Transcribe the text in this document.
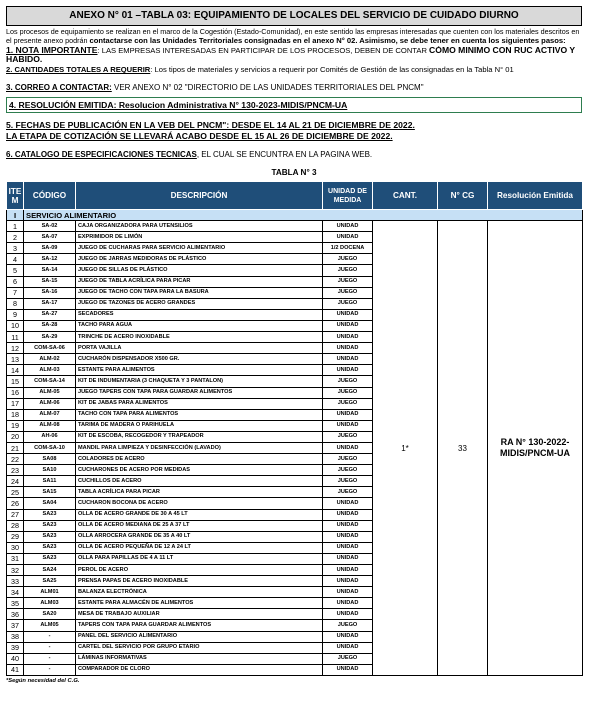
ANEXO N° 01 –TABLA 03: EQUIPAMIENTO DE LOCALES DEL SERVICIO DE CUIDADO DIURNO
Los procesos de equipamiento se realizan en el marco de la Cogestión (Estado-Comunidad), en este sentido las empresas interesadas que cuenten con los materiales descritos en el presente anexo podrán contactarse con las Unidades Territoriales consignadas en el anexo N° 02. Asimismo, se debe tener en cuenta los siguientes pasos:
1. NOTA IMPORTANTE: LAS EMPRESAS INTERESADAS EN PARTICIPAR DE LOS PROCESOS, DEBEN DE CONTAR CÓMO MINIMO CON RUC ACTIVO Y HABIDO.
2. CANTIDADES TOTALES A REQUERIR: Los tipos de materiales y servicios a requerir por Comités de Gestión de las consignadas en la Tabla N° 01
3. CORREO A CONTACTAR: VER ANEXO N° 02 "DIRECTORIO DE LAS UNIDADES TERRITORIALES DEL PNCM"
4. RESOLUCIÓN EMITIDA: Resolucion Administrativa N° 130-2023-MIDIS/PNCM-UA
5. FECHAS DE PUBLICACIÓN EN LA VEB DEL PNCM": DESDE EL 14 AL 21 DE DICIEMBRE DE 2022.
LA ETAPA DE COTIZACIÓN SE LLEVARÁ ACABO DESDE EL 15 AL 26 DE DICIEMBRE DE 2022.
6. CATALOGO DE ESPECIFICACIONES TECNICAS, EL CUAL SE ENCUNTRA EN LA PAGINA WEB.
TABLA N° 3
ITE M	CÓDIGO	DESCRIPCIÓN	UNIDAD DE MEDIDA	CANT.	N° CG	Resolución Emitida
I	SERVICIO ALIMENTARIO					
1	SA-02	CAJA ORGANIZADORA PARA UTENSILIOS	UNIDAD	1*	33	RA N° 130-2022-MIDIS/PNCM-UA
2	SA-07	EXPRIMIDOR DE LIMÓN	UNIDAD			
3	SA-09	JUEGO DE CUCHARAS PARA SERVICIO ALIMENTARIO	1/2 DOCENA			
4	SA-12	JUEGO DE JARRAS MEDIDORAS DE PLÁSTICO	JUEGO			
5	SA-14	JUEGO DE SILLAS DE PLÁSTICO	JUEGO			
6	SA-15	JUEGO DE TABLA ACRÍLICA PARA PICAR	JUEGO			
7	SA-16	JUEGO DE TACHO CON TAPA PARA LA BASURA	JUEGO			
8	SA-17	JUEGO DE TAZONES DE ACERO GRANDES	JUEGO			
9	SA-27	SECADORES	UNIDAD			
10	SA-28	TACHO PARA AGUA	UNIDAD			
11	SA-29	TRINCHE DE ACERO INOXIDABLE	UNIDAD			
12	COM-SA-06	PORTA VAJILLA	UNIDAD			
13	ALM-02	CUCHARÓN DISPENSADOR X500 GR.	UNIDAD			
14	ALM-03	ESTANTE PARA ALIMENTOS	UNIDAD			
15	COM-SA-14	KIT DE INDUMENTARIA (3 CHAQUETA Y 3 PANTALON)	JUEGO			
16	ALM-05	JUEGO TAPERS CON TAPA PARA GUARDAR ALIMENTOS	JUEGO			
17	ALM-06	KIT DE JABAS PARA ALIMENTOS	JUEGO			
18	ALM-07	TACHO CON TAPA PARA ALIMENTOS	UNIDAD			
19	ALM-08	TARIMA DE MADERA O PARIHUELA	UNIDAD			
20	AH-06	KIT DE ESCOBA, RECOGEDOR Y TRAPEADOR	JUEGO			
21	COM-SA-10	MANDIL PARA LIMPIEZA Y DESINFECCIÓN (LAVADO)	UNIDAD			
22	SA08	COLADORES DE ACERO	JUEGO			
23	SA10	CUCHARONES DE ACERO POR MEDIDAS	JUEGO			
24	SA11	CUCHILLOS DE ACERO	JUEGO			
25	SA15	TABLA ACRÍLICA PARA PICAR	JUEGO			
26	SA04	CUCHARON BOCONA DE ACERO	UNIDAD			
27	SA23	OLLA DE ACERO GRANDE DE 30 A 45 LT	UNIDAD			
28	SA23	OLLA DE ACERO MEDIANA DE 25 A 37 LT	UNIDAD			
29	SA23	OLLA ARROCERA GRANDE DE 35 A 40 LT	UNIDAD			
30	SA23	OLLA DE ACERO PEQUEÑA DE 12 A 24 LT	UNIDAD			
31	SA23	OLLA PARA PAPILLAS DE 4 A 11 LT	UNIDAD			
32	SA24	PEROL DE ACERO	UNIDAD			
33	SA25	PRENSA PAPAS DE ACERO INOXIDABLE	UNIDAD			
34	ALM01	BALANZA ELECTRÓNICA	UNIDAD			
35	ALM03	ESTANTE PARA ALMACÉN DE ALIMENTOS	UNIDAD			
36	SA20	MESA DE TRABAJO AUXILIAR	UNIDAD			
37	ALM05	TAPERS CON TAPA PARA GUARDAR ALIMENTOS	JUEGO			
38	-	PANEL DEL SERVICIO ALIMENTARIO	UNIDAD			
39	-	CARTEL DEL SERVICIO POR GRUPO ETARIO	UNIDAD			
40	-	LÁMINAS INFORMATIVAS	JUEGO			
41	-	COMPARADOR DE CLORO	UNIDAD			
*Según necesidad del C.G.
